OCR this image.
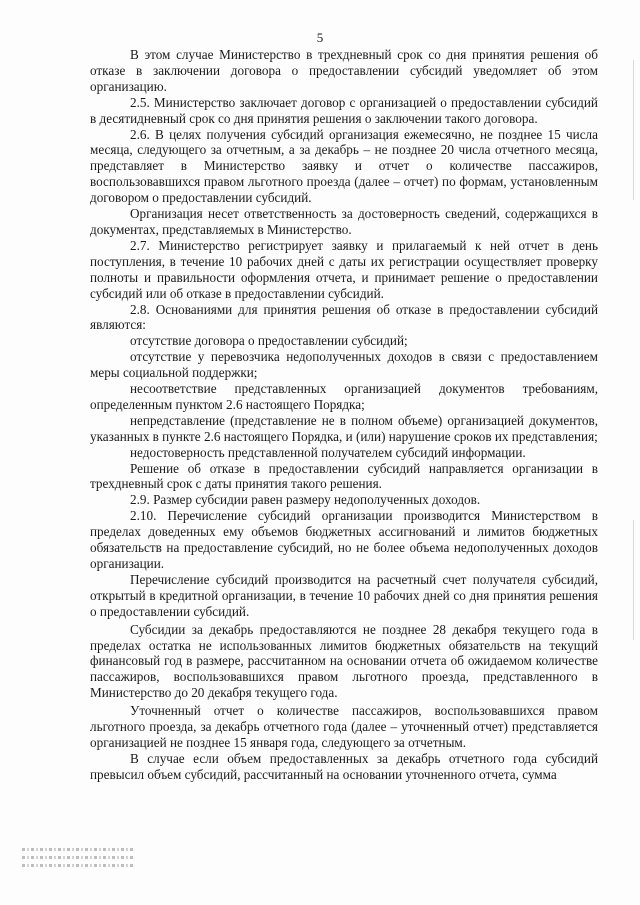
5

В этом случае Министерство в трехдневный срок со дня принятия решения об отказе в заключении договора о предоставлении субсидий уведомляет об этом организацию.

2.5. Министерство заключает договор с организацией о предоставлении субсидий в десятидневный срок со дня принятия решения о заключении такого договора.

2.6. В целях получения субсидий организация ежемесячно, не позднее 15 числа месяца, следующего за отчетным, а за декабрь – не позднее 20 числа отчетного месяца, представляет в Министерство заявку и отчет о количестве пассажиров, воспользовавшихся правом льготного проезда (далее – отчет) по формам, установленным договором о предоставлении субсидий.

Организация несет ответственность за достоверность сведений, содержащихся в документах, представляемых в Министерство.

2.7. Министерство регистрирует заявку и прилагаемый к ней отчет в день поступления, в течение 10 рабочих дней с даты их регистрации осуществляет проверку полноты и правильности оформления отчета, и принимает решение о предоставлении субсидий или об отказе в предоставлении субсидий.

2.8. Основаниями для принятия решения об отказе в предоставлении субсидий являются:

отсутствие договора о предоставлении субсидий;

отсутствие у перевозчика недополученных доходов в связи с предоставлением меры социальной поддержки;

несоответствие представленных организацией документов требованиям, определенным пунктом 2.6 настоящего Порядка;

непредставление (представление не в полном объеме) организацией документов, указанных в пункте 2.6 настоящего Порядка, и (или) нарушение сроков их представления;

недостоверность представленной получателем субсидий информации.

Решение об отказе в предоставлении субсидий направляется организации в трехдневный срок с даты принятия такого решения.

2.9. Размер субсидии равен размеру недополученных доходов.

2.10. Перечисление субсидий организации производится Министерством в пределах доведенных ему объемов бюджетных ассигнований и лимитов бюджетных обязательств на предоставление субсидий, но не более объема недополученных доходов организации.

Перечисление субсидий производится на расчетный счет получателя субсидий, открытый в кредитной организации, в течение 10 рабочих дней со дня принятия решения о предоставлении субсидий.

Субсидии за декабрь предоставляются не позднее 28 декабря текущего года в пределах остатка не использованных лимитов бюджетных обязательств на текущий финансовый год в размере, рассчитанном на основании отчета об ожидаемом количестве пассажиров, воспользовавшихся правом льготного проезда, представленного в Министерство до 20 декабря текущего года.

Уточненный отчет о количестве пассажиров, воспользовавшихся правом льготного проезда, за декабрь отчетного года (далее – уточненный отчет) представляется организацией не позднее 15 января года, следующего за отчетным.

В случае если объем предоставленных за декабрь отчетного года субсидий превысил объем субсидий, рассчитанный на основании уточненного отчета, сумма
